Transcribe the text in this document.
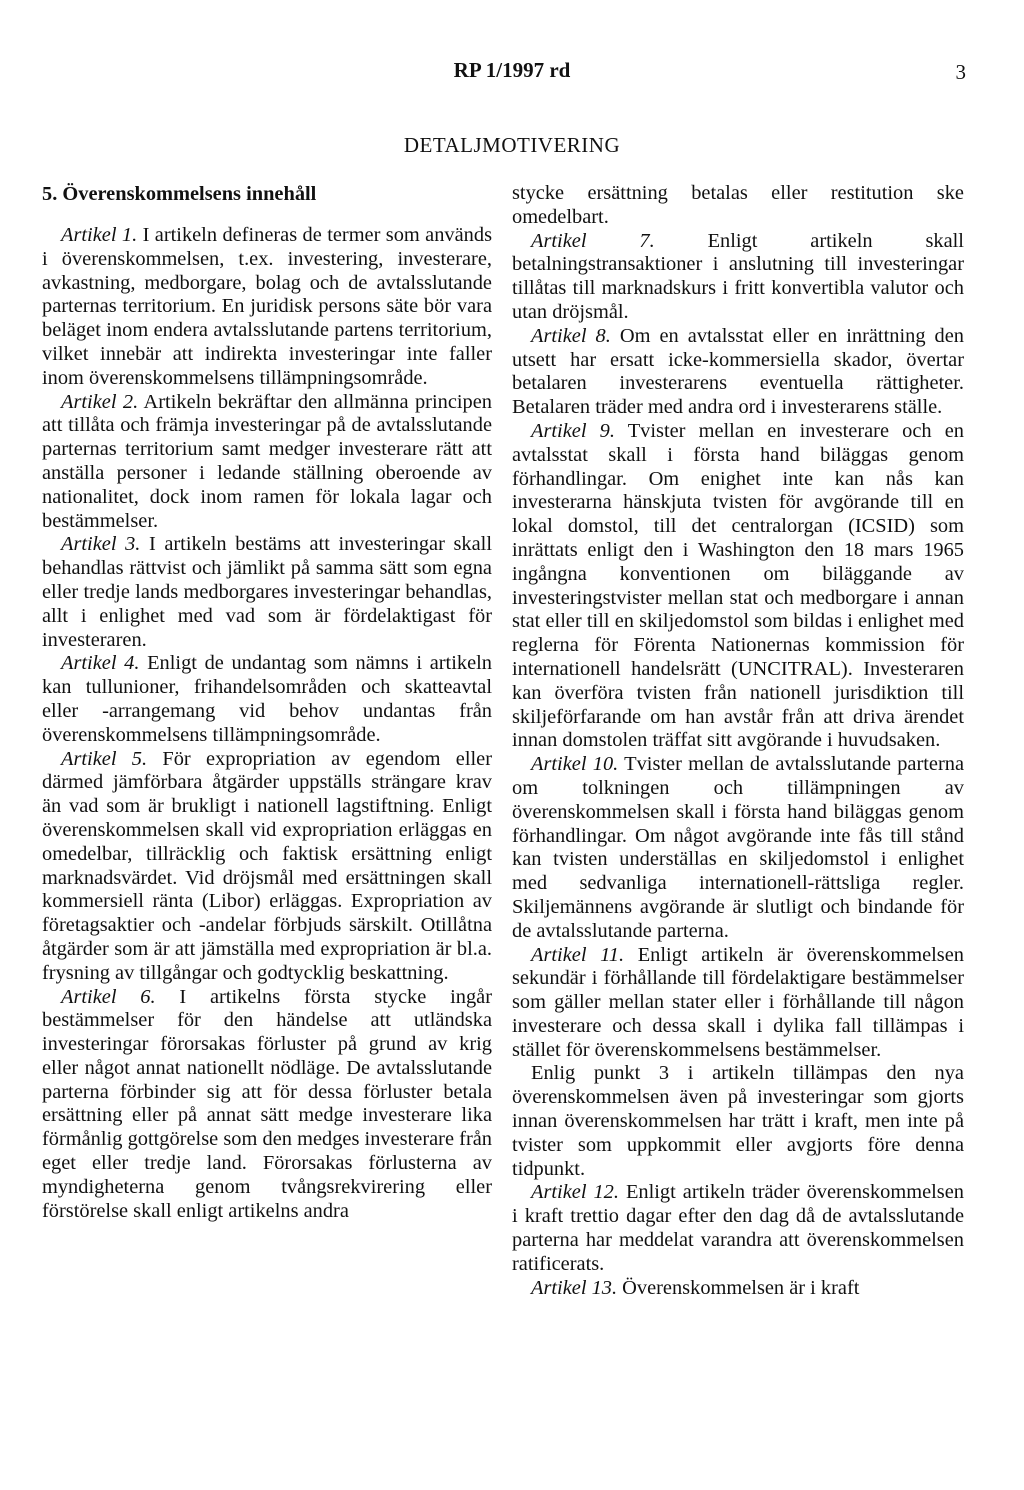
RP 1/1997 rd	3
DETALJMOTIVERING

5. Överenskommelsens innehåll

Artikel 1. I artikeln defineras de termer som används i överenskommelsen, t.ex. investering, investerare, avkastning, medborgare, bolag och de avtalsslutande parternas territorium. En juridisk persons säte bör vara beläget inom endera avtalsslutande partens territorium, vilket innebär att indirekta investeringar inte faller inom överenskommelsens tillämpningsområde.

Artikel 2. Artikeln bekräftar den allmänna principen att tillåta och främja investeringar på de avtalsslutande parternas territorium samt medger investerare rätt att anställa personer i ledande ställning oberoende av nationalitet, dock inom ramen för lokala lagar och bestämmelser.

Artikel 3. I artikeln bestäms att investeringar skall behandlas rättvist och jämlikt på samma sätt som egna eller tredje lands medborgares investeringar behandlas, allt i enlighet med vad som är fördelaktigast för investeraren.

Artikel 4. Enligt de undantag som nämns i artikeln kan tullunioner, frihandelsområden och skatteavtal eller -arrangemang vid behov undantas från överenskommelsens tillämpningsområde.

Artikel 5. För expropriation av egendom eller därmed jämförbara åtgärder uppställs strängare krav än vad som är brukligt i nationell lagstiftning. Enligt överenskommelsen skall vid expropriation erläggas en omedelbar, tillräcklig och faktisk ersättning enligt marknadsvärdet. Vid dröjsmål med ersättningen skall kommersiell ränta (Libor) erläggas. Expropriation av företagsaktier och -andelar förbjuds särskilt. Otillåtna åtgärder som är att jämställa med expropriation är bl.a. frysning av tillgångar och godtycklig beskattning.

Artikel 6. I artikelns första stycke ingår bestämmelser för den händelse att utländska investeringar förorsakas förluster på grund av krig eller något annat nationellt nödläge. De avtalsslutande parterna förbinder sig att för dessa förluster betala ersättning eller på annat sätt medge investerare lika förmånlig gottgörelse som den medges investerare från eget eller tredje land. Förorsakas förlusterna av myndigheterna genom tvångsrekvirering eller förstörelse skall enligt artikelns andra

stycke ersättning betalas eller restitution ske omedelbart.

Artikel 7. Enligt artikeln skall betalningstransaktioner i anslutning till investeringar tillåtas till marknadskurs i fritt konvertibla valutor och utan dröjsmål.

Artikel 8. Om en avtalsstat eller en inrättning den utsett har ersatt icke-kommersiella skador, övertar betalaren investerarens eventuella rättigheter. Betalaren träder med andra ord i investerarens ställe.

Artikel 9. Tvister mellan en investerare och en avtalsstat skall i första hand biläggas genom förhandlingar. Om enighet inte kan nås kan investerarna hänskjuta tvisten för avgörande till en lokal domstol, till det centralorgan (ICSID) som inrättats enligt den i Washington den 18 mars 1965 ingångna konventionen om biläggande av investeringstvister mellan stat och medborgare i annan stat eller till en skiljedomstol som bildas i enlighet med reglerna för Förenta Nationernas kommission för internationell handelsrätt (UNCITRAL). Investeraren kan överföra tvisten från nationell jurisdiktion till skiljeförfarande om han avstår från att driva ärendet innan domstolen träffat sitt avgörande i huvudsaken.

Artikel 10. Tvister mellan de avtalsslutande parterna om tolkningen och tillämpningen av överenskommelsen skall i första hand biläggas genom förhandlingar. Om något avgörande inte fås till stånd kan tvisten underställas en skiljedomstol i enlighet med sedvanliga internationell-rättsliga regler. Skiljemännens avgörande är slutligt och bindande för de avtalsslutande parterna.

Artikel 11. Enligt artikeln är överenskommelsen sekundär i förhållande till fördelaktigare bestämmelser som gäller mellan stater eller i förhållande till någon investerare och dessa skall i dylika fall tillämpas i stället för överenskommelsens bestämmelser.

Enlig punkt 3 i artikeln tillämpas den nya överenskommelsen även på investeringar som gjorts innan överenskommelsen har trätt i kraft, men inte på tvister som uppkommit eller avgjorts före denna tidpunkt.

Artikel 12. Enligt artikeln träder överenskommelsen i kraft trettio dagar efter den dag då de avtalsslutande parterna har meddelat varandra att överenskommelsen ratificerats.

Artikel 13. Överenskommelsen är i kraft
